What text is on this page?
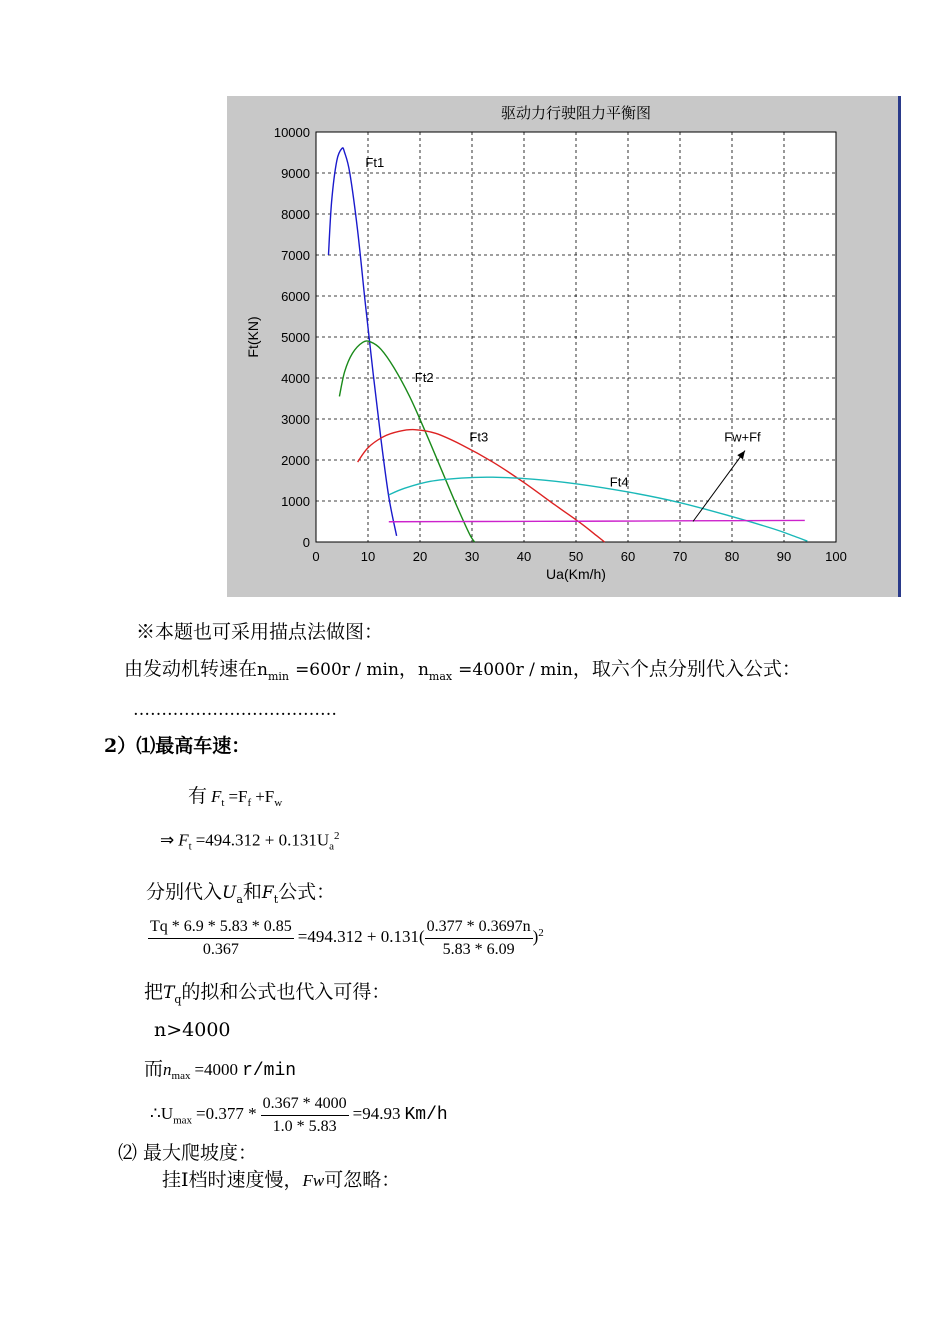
0	10	20	30	40	50	60	70	80	90	100
0
1000
2000
3000
4000
5000
6000
7000
8000
9000
10000
驱动力行驶阻力平衡图
Ua(Km/h)
Ft(KN)
Ft1
Ft2
Ft3
Ft4
Fw+Ff
※本题也可采用描点法做图：
由发动机转速在$n_{min} =600r / \min$，$n_{max} =4000r / \min$，取六个点分别代入公式：
………………………………
2）⑴最高车速：
有 $F_t =F_f +F_w$
⇒ $F_t =494.312 + 0.131U_a^2$
分别代入$U_a$和$F_t$公式：
$\frac{Tq * 6.9 * 5.83 * 0.85}{0.367} =494.312 + 0.131( \frac{0.377 * 0.3697n}{5.83 * 6.09} )^2$
把$T_q$的拟和公式也代入可得：
n>4000
而$n_{max} =4000$ r/min
$\therefore U_{max} =0.377 * \frac{0.367 * 4000}{1.0 * 5.83} =94.93$ Km/h
⑵ 最大爬坡度：
挂Ⅰ档时速度慢，Fw可忽略：
